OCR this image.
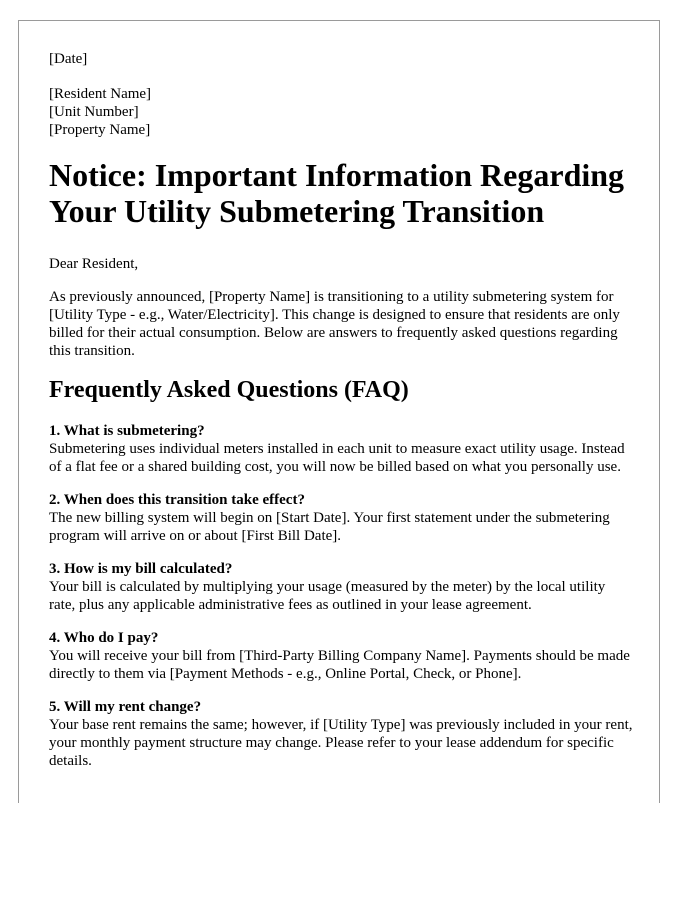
[Date]
[Resident Name]
[Unit Number]
[Property Name]
Notice: Important Information Regarding Your Utility Submetering Transition
Dear Resident,
As previously announced, [Property Name] is transitioning to a utility submetering system for [Utility Type - e.g., Water/Electricity]. This change is designed to ensure that residents are only billed for their actual consumption. Below are answers to frequently asked questions regarding this transition.
Frequently Asked Questions (FAQ)
1. What is submetering?
Submetering uses individual meters installed in each unit to measure exact utility usage. Instead of a flat fee or a shared building cost, you will now be billed based on what you personally use.
2. When does this transition take effect?
The new billing system will begin on [Start Date]. Your first statement under the submetering program will arrive on or about [First Bill Date].
3. How is my bill calculated?
Your bill is calculated by multiplying your usage (measured by the meter) by the local utility rate, plus any applicable administrative fees as outlined in your lease agreement.
4. Who do I pay?
You will receive your bill from [Third-Party Billing Company Name]. Payments should be made directly to them via [Payment Methods - e.g., Online Portal, Check, or Phone].
5. Will my rent change?
Your base rent remains the same; however, if [Utility Type] was previously included in your rent, your monthly payment structure may change. Please refer to your lease addendum for specific details.
